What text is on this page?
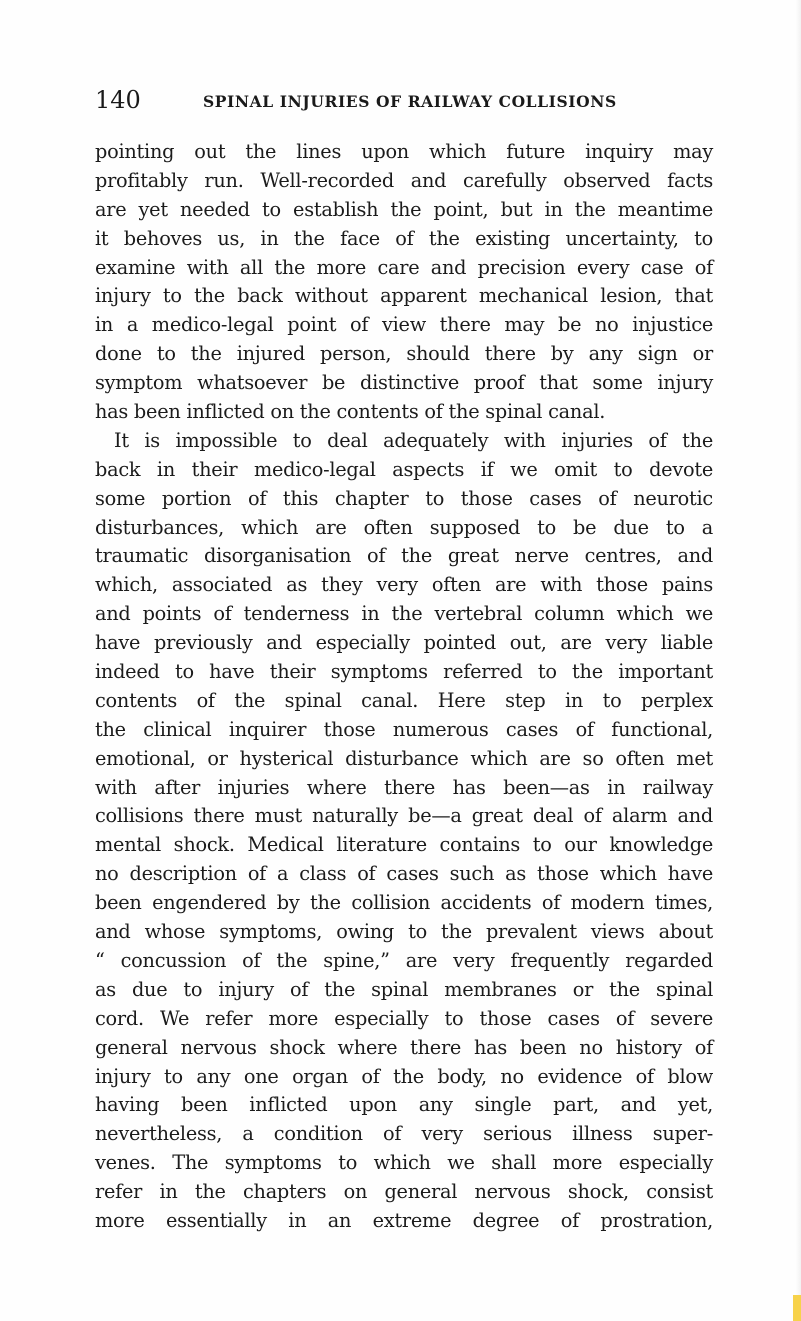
140	SPINAL INJURIES OF RAILWAY COLLISIONS
pointing out the lines upon which future inquiry may
profitably run. Well-recorded and carefully observed facts
are yet needed to establish the point, but in the meantime
it behoves us, in the face of the existing uncertainty, to
examine with all the more care and precision every case of
injury to the back without apparent mechanical lesion, that
in a medico-legal point of view there may be no injustice
done to the injured person, should there by any sign or
symptom whatsoever be distinctive proof that some injury
has been inflicted on the contents of the spinal canal.
It is impossible to deal adequately with injuries of the
back in their medico-legal aspects if we omit to devote
some portion of this chapter to those cases of neurotic
disturbances, which are often supposed to be due to a
traumatic disorganisation of the great nerve centres, and
which, associated as they very often are with those pains
and points of tenderness in the vertebral column which we
have previously and especially pointed out, are very liable
indeed to have their symptoms referred to the important
contents of the spinal canal. Here step in to perplex
the clinical inquirer those numerous cases of functional,
emotional, or hysterical disturbance which are so often met
with after injuries where there has been—as in railway
collisions there must naturally be—a great deal of alarm and
mental shock. Medical literature contains to our knowledge
no description of a class of cases such as those which have
been engendered by the collision accidents of modern times,
and whose symptoms, owing to the prevalent views about
“ concussion of the spine,” are very frequently regarded
as due to injury of the spinal membranes or the spinal
cord. We refer more especially to those cases of severe
general nervous shock where there has been no history of
injury to any one organ of the body, no evidence of blow
having been inflicted upon any single part, and yet,
nevertheless, a condition of very serious illness super-
venes. The symptoms to which we shall more especially
refer in the chapters on general nervous shock, consist
more essentially in an extreme degree of prostration,
